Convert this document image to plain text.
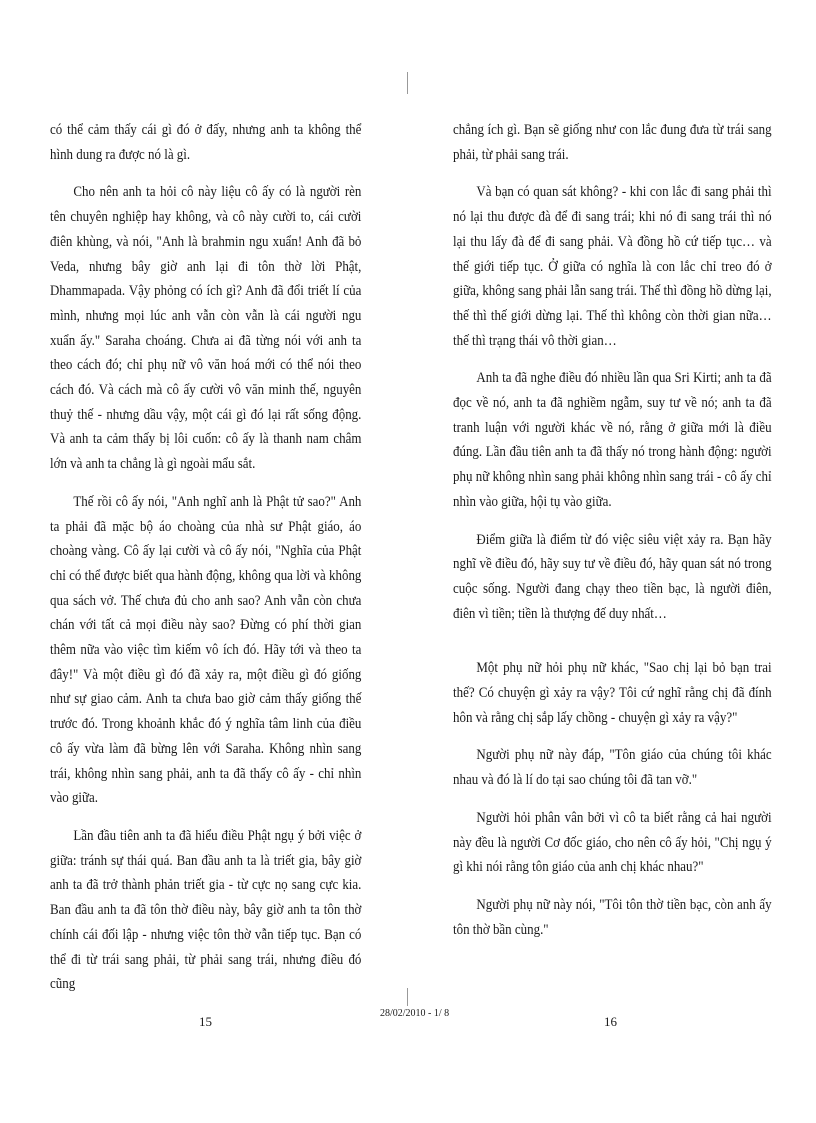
có thể cảm thấy cái gì đó ở đấy, nhưng anh ta không thể hình dung ra được nó là gì.

Cho nên anh ta hỏi cô này liệu cô ấy có là người rèn tên chuyên nghiệp hay không, và cô này cười to, cái cười điên khùng, và nói, "Anh là brahmin ngu xuẩn! Anh đã bỏ Veda, nhưng bây giờ anh lại đi tôn thờ lời Phật, Dhammapada. Vậy phỏng có ích gì? Anh đã đổi triết lí của mình, nhưng mọi lúc anh vẫn còn vẫn là cái người ngu xuẩn ấy." Saraha choáng. Chưa ai đã từng nói với anh ta theo cách đó; chỉ phụ nữ vô văn hoá mới có thể nói theo cách đó. Và cách mà cô ấy cười vô văn minh thế, nguyên thuỷ thế - nhưng dầu vậy, một cái gì đó lại rất sống động. Và anh ta cảm thấy bị lôi cuốn: cô ấy là thanh nam châm lớn và anh ta chẳng là gì ngoài mẩu sắt.

Thế rồi cô ấy nói, "Anh nghĩ anh là Phật tử sao?" Anh ta phải đã mặc bộ áo choàng của nhà sư Phật giáo, áo choàng vàng. Cô ấy lại cười và cô ấy nói, "Nghĩa của Phật chỉ có thể được biết qua hành động, không qua lời và không qua sách vở. Thế chưa đủ cho anh sao? Anh vẫn còn chưa chán với tất cả mọi điều này sao? Đừng có phí thời gian thêm nữa vào việc tìm kiếm vô ích đó. Hãy tới và theo ta đây!" Và một điều gì đó đã xảy ra, một điều gì đó giống như sự giao cảm. Anh ta chưa bao giờ cảm thấy giống thế trước đó. Trong khoảnh khắc đó ý nghĩa tâm linh của điều cô ấy vừa làm đã bừng lên với Saraha. Không nhìn sang trái, không nhìn sang phải, anh ta đã thấy cô ấy - chỉ nhìn vào giữa.

Lần đầu tiên anh ta đã hiểu điều Phật ngụ ý bởi việc ở giữa: tránh sự thái quá. Ban đầu anh ta là triết gia, bây giờ anh ta đã trở thành phản triết gia - từ cực nọ sang cực kia. Ban đầu anh ta đã tôn thờ điều này, bây giờ anh ta tôn thờ chính cái đối lập - nhưng việc tôn thờ vẫn tiếp tục. Bạn có thể đi từ trái sang phải, từ phải sang trái, nhưng điều đó cũng

chẳng ích gì. Bạn sẽ giống như con lắc đung đưa từ trái sang phải, từ phải sang trái.

Và bạn có quan sát không? - khi con lắc đi sang phải thì nó lại thu được đà để đi sang trái; khi nó đi sang trái thì nó lại thu lấy đà để đi sang phải. Và đồng hồ cứ tiếp tục… và thế giới tiếp tục. Ở giữa có nghĩa là con lắc chỉ treo đó ở giữa, không sang phải lẫn sang trái. Thế thì đồng hồ dừng lại, thế thì thế giới dừng lại. Thế thì không còn thời gian nữa… thế thì trạng thái vô thời gian…

Anh ta đã nghe điều đó nhiều lần qua Sri Kirti; anh ta đã đọc về nó, anh ta đã nghiềm ngẫm, suy tư về nó; anh ta đã tranh luận với người khác về nó, rằng ở giữa mới là điều đúng. Lần đầu tiên anh ta đã thấy nó trong hành động: người phụ nữ không nhìn sang phải không nhìn sang trái - cô ấy chỉ nhìn vào giữa, hội tụ vào giữa.

Điểm giữa là điểm từ đó việc siêu việt xảy ra. Bạn hãy nghĩ về điều đó, hãy suy tư về điều đó, hãy quan sát nó trong cuộc sống. Người đang chạy theo tiền bạc, là người điên, điên vì tiền; tiền là thượng đế duy nhất…

Một phụ nữ hỏi phụ nữ khác, "Sao chị lại bỏ bạn trai thế? Có chuyện gì xảy ra vậy? Tôi cứ nghĩ rằng chị đã đính hôn và rằng chị sắp lấy chồng - chuyện gì xảy ra vậy?"

Người phụ nữ này đáp, "Tôn giáo của chúng tôi khác nhau và đó là lí do tại sao chúng tôi đã tan vỡ."

Người hỏi phân vân bởi vì cô ta biết rằng cả hai người này đều là người Cơ đốc giáo, cho nên cô ấy hỏi, "Chị ngụ ý gì khi nói rằng tôn giáo của anh chị khác nhau?"

Người phụ nữ này nói, "Tôi tôn thờ tiền bạc, còn anh ấy tôn thờ bần cùng."

15
28/02/2010 - 1/ 8
16
